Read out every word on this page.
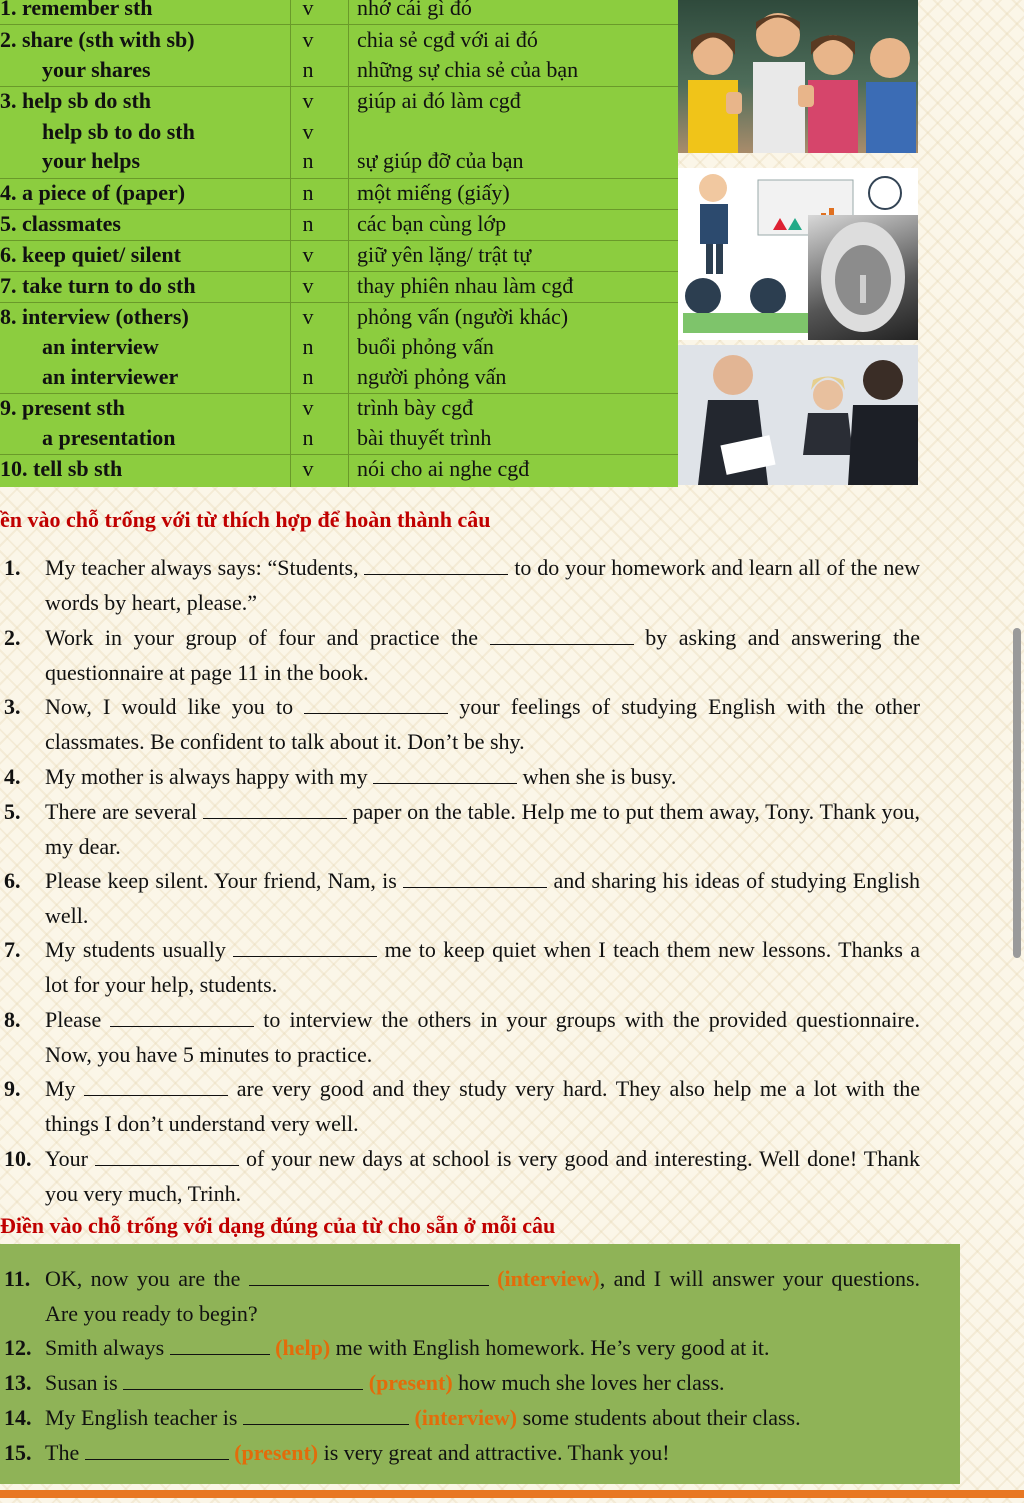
1. remember sth	v	nhớ cái gì đó
2. share (sth with sb)	v	chia sẻ cgđ với ai đó
your shares	n	những sự chia sẻ của bạn
3. help sb do sth	v	giúp ai đó làm cgđ
help sb to do sth	v
your helps	n	sự giúp đỡ của bạn
4. a piece of (paper)	n	một miếng (giấy)
5. classmates	n	các bạn cùng lớp
6. keep quiet/ silent	v	giữ yên lặng/ trật tự
7. take turn to do sth	v	thay phiên nhau làm cgđ
8. interview (others)	v	phỏng vấn (người khác)
an interview	n	buổi phỏng vấn
an interviewer	n	người phỏng vấn
9. present sth	v	trình bày cgđ
a presentation	n	bài thuyết trình
10. tell sb sth	v	nói cho ai nghe cgđ
ền vào chỗ trống với từ thích hợp để hoàn thành câu
1. My teacher always says: “Students,	to do your homework and learn all of the new words by heart, please.”
2. Work in your group of four and practice the	by asking and answering the questionnaire at page 11 in the book.
3. Now, I would like you to	your feelings of studying English with the other classmates. Be confident to talk about it. Don’t be shy.
4. My mother is always happy with my	when she is busy.
5. There are several	paper on the table. Help me to put them away, Tony. Thank you, my dear.
6. Please keep silent. Your friend, Nam, is	and sharing his ideas of studying English well.
7. My students usually	me to keep quiet when I teach them new lessons. Thanks a lot for your help, students.
8. Please	to interview the others in your groups with the provided questionnaire. Now, you have 5 minutes to practice.
9. My	are very good and they study very hard. They also help me a lot with the things I don’t understand very well.
10. Your	of your new days at school is very good and interesting. Well done! Thank you very much, Trinh.
Điền vào chỗ trống với dạng đúng của từ cho sẵn ở mỗi câu
11. OK, now you are the	(interview), and I will answer your questions. Are you ready to begin?
12. Smith always	(help) me with English homework. He’s very good at it.
13. Susan is	(present) how much she loves her class.
14. My English teacher is	(interview) some students about their class.
15. The	(present) is very great and attractive. Thank you!
